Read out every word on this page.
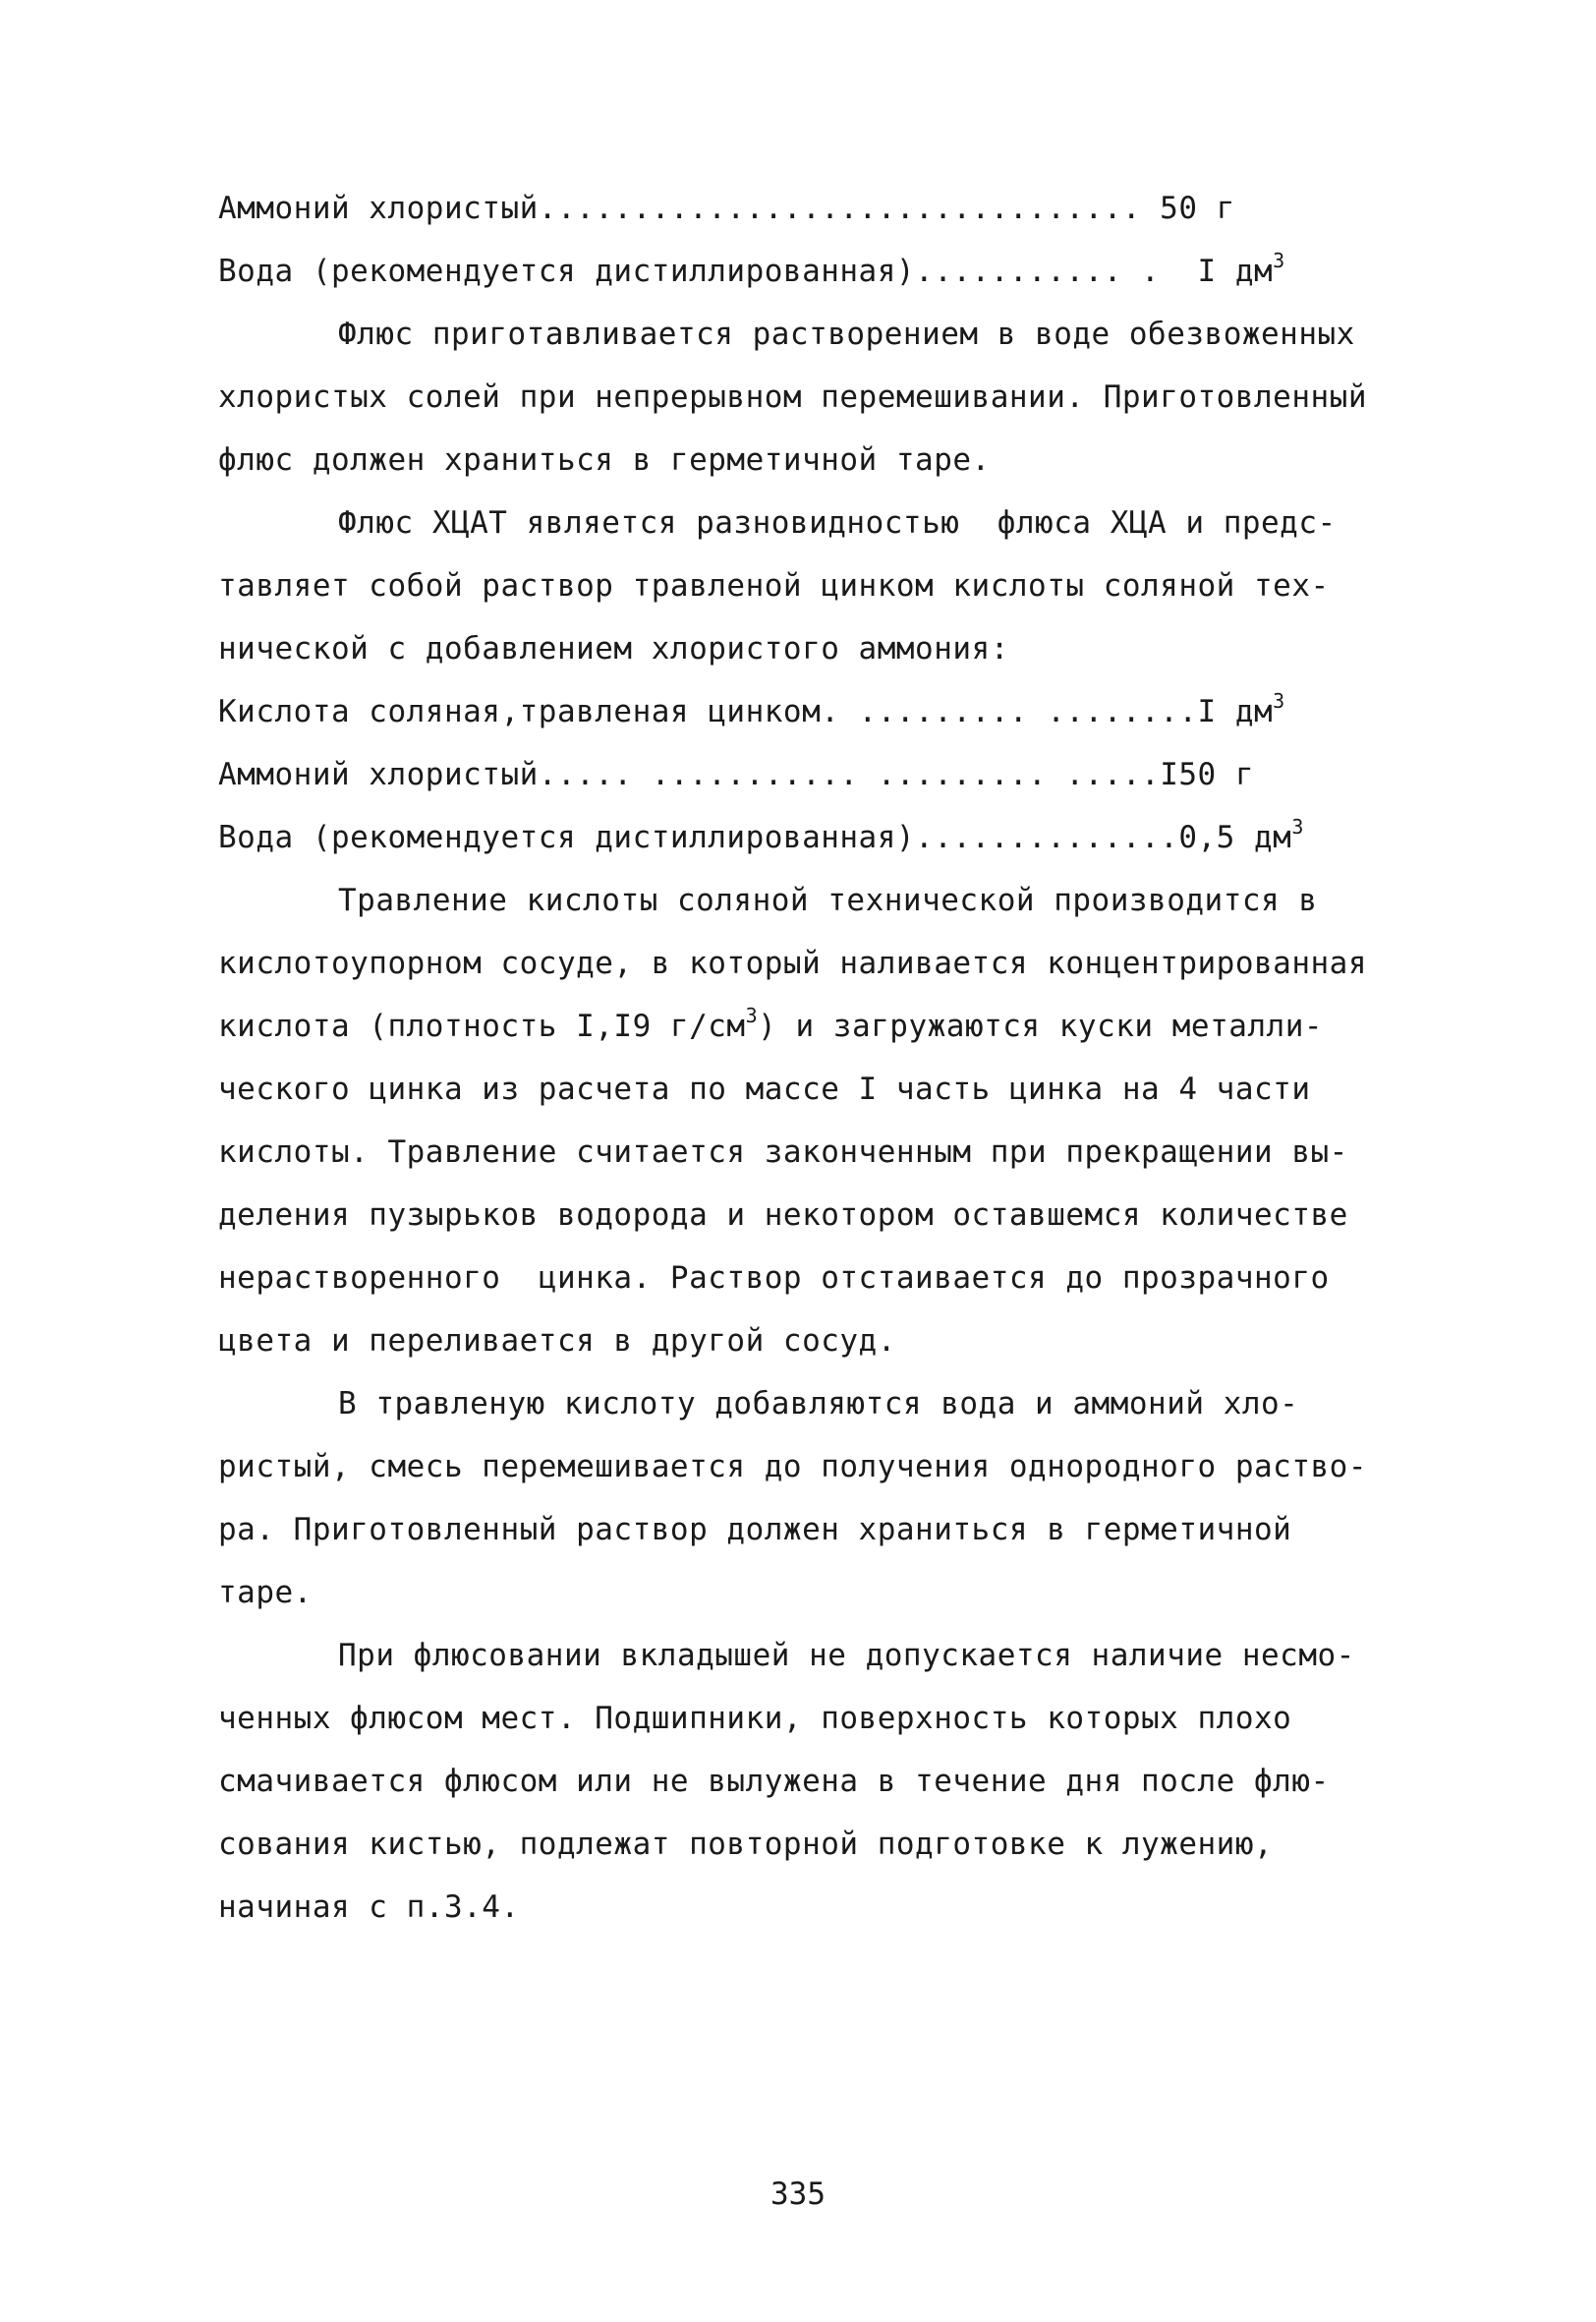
Аммоний хлористый................................ 50 г
Вода (рекомендуется дистиллированная)........... .  I $дм^3$
Флюс приготавливается растворением в воде обезвоженных
хлористых солей при непрерывном перемешивании. Приготовленный
флюс должен храниться в герметичной таре.
Флюс ХЦАТ является разновидностью  флюса ХЦА и предс-
тавляет собой раствор травленой цинком кислоты соляной тех-
нической с добавлением хлористого аммония:
Кислота соляная,травленая цинком. ......... ........I $дм^3$
Аммоний хлористый..... ........... ......... .....I50 г
Вода (рекомендуется дистиллированная)..............0,5 $дм^3$
Травление кислоты соляной технической производится в
кислотоупорном сосуде, в который наливается концентрированная
кислота (плотность I,I9 $г/см^3$) и загружаются куски металли-
ческого цинка из расчета по массе I часть цинка на 4 части
кислоты. Травление считается законченным при прекращении вы-
деления пузырьков водорода и некотором оставшемся количестве
нерастворенного  цинка. Раствор отстаивается до прозрачного
цвета и переливается в другой сосуд.
В травленую кислоту добавляются вода и аммоний хло-
ристый, смесь перемешивается до получения однородного раство-
ра. Приготовленный раствор должен храниться в герметичной
таре.
При флюсовании вкладышей не допускается наличие несмо-
ченных флюсом мест. Подшипники, поверхность которых плохо
смачивается флюсом или не вылужена в течение дня после флю-
сования кистью, подлежат повторной подготовке к лужению,
начиная с п.3.4.
335
